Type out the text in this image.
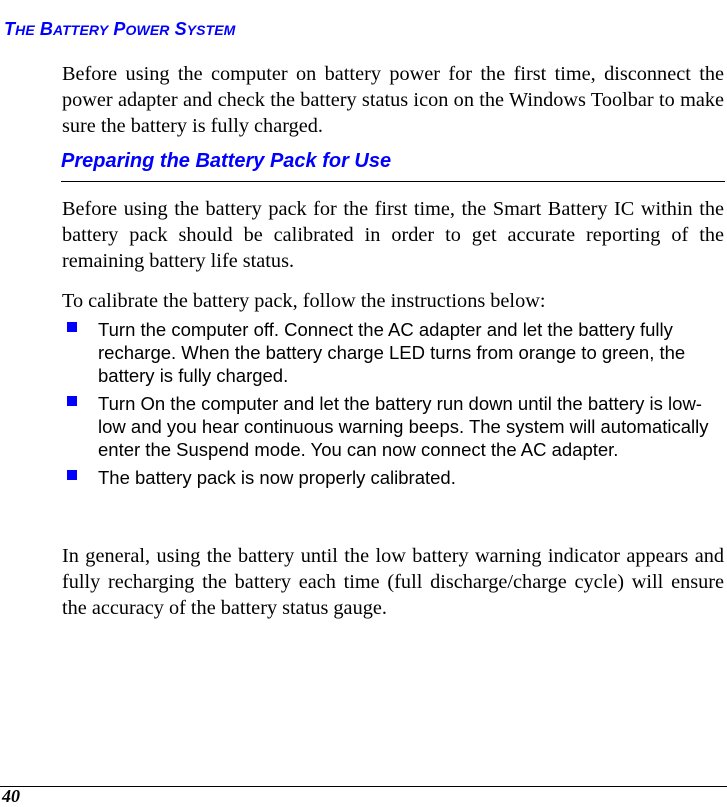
THE BATTERY POWER SYSTEM

Before using the computer on battery power for the first time, disconnect the power adapter and check the battery status icon on the Windows Toolbar to make sure the battery is fully charged.

Preparing the Battery Pack for Use

Before using the battery pack for the first time, the Smart Battery IC within the battery pack should be calibrated in order to get accurate reporting of the remaining battery life status.

To calibrate the battery pack, follow the instructions below:

Turn the computer off. Connect the AC adapter and let the battery fully recharge. When the battery charge LED turns from orange to green, the battery is fully charged.
Turn On the computer and let the battery run down until the battery is low-low and you hear continuous warning beeps. The system will automatically enter the Suspend mode. You can now connect the AC adapter.
The battery pack is now properly calibrated.

In general, using the battery until the low battery warning indicator appears and fully recharging the battery each time (full discharge/charge cycle) will ensure the accuracy of the battery status gauge.

40
